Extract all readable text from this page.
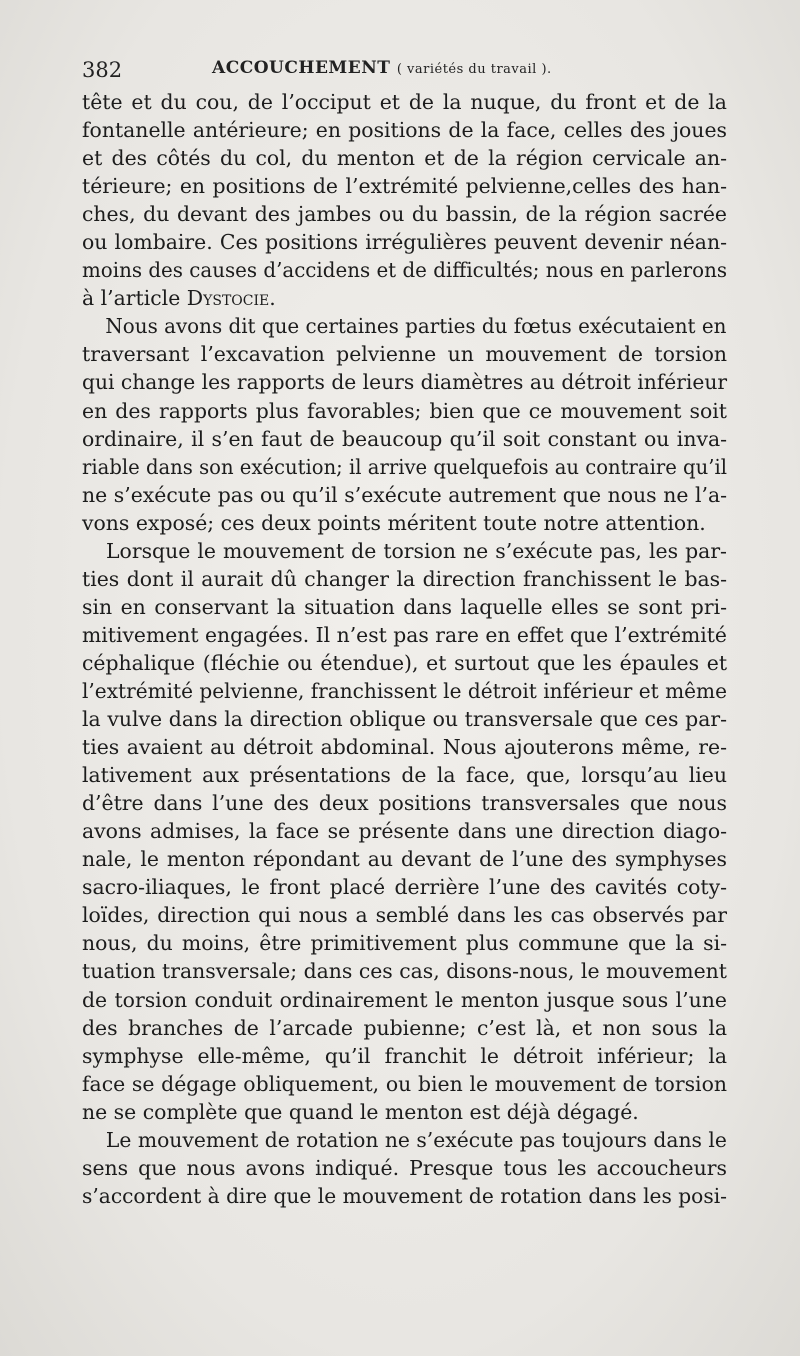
382	ACCOUCHEMENT ( variétés du travail ).
tête et du cou, de l’occiput et de la nuque, du front et de la
fontanelle antérieure; en positions de la face, celles des joues
et des côtés du col, du menton et de la région cervicale an-
térieure; en positions de l’extrémité pelvienne,celles des han-
ches, du devant des jambes ou du bassin, de la région sacrée
ou lombaire. Ces positions irrégulières peuvent devenir néan-
moins des causes d’accidens et de difficultés; nous en parlerons
à l’article Dystocie.
Nous avons dit que certaines parties du fœtus exécutaient en
traversant l’excavation pelvienne un mouvement de torsion
qui change les rapports de leurs diamètres au détroit inférieur
en des rapports plus favorables; bien que ce mouvement soit
ordinaire, il s’en faut de beaucoup qu’il soit constant ou inva-
riable dans son exécution; il arrive quelquefois au contraire qu’il
ne s’exécute pas ou qu’il s’exécute autrement que nous ne l’a-
vons exposé; ces deux points méritent toute notre attention.
Lorsque le mouvement de torsion ne s’exécute pas, les par-
ties dont il aurait dû changer la direction franchissent le bas-
sin en conservant la situation dans laquelle elles se sont pri-
mitivement engagées. Il n’est pas rare en effet que l’extrémité
céphalique (fléchie ou étendue), et surtout que les épaules et
l’extrémité pelvienne, franchissent le détroit inférieur et même
la vulve dans la direction oblique ou transversale que ces par-
ties avaient au détroit abdominal. Nous ajouterons même, re-
lativement aux présentations de la face, que, lorsqu’au lieu
d’être dans l’une des deux positions transversales que nous
avons admises, la face se présente dans une direction diago-
nale, le menton répondant au devant de l’une des symphyses
sacro-iliaques, le front placé derrière l’une des cavités coty-
loïdes, direction qui nous a semblé dans les cas observés par
nous, du moins, être primitivement plus commune que la si-
tuation transversale; dans ces cas, disons-nous, le mouvement
de torsion conduit ordinairement le menton jusque sous l’une
des branches de l’arcade pubienne; c’est là, et non sous la
symphyse elle-même, qu’il franchit le détroit inférieur; la
face se dégage obliquement, ou bien le mouvement de torsion
ne se complète que quand le menton est déjà dégagé.
Le mouvement de rotation ne s’exécute pas toujours dans le
sens que nous avons indiqué. Presque tous les accoucheurs
s’accordent à dire que le mouvement de rotation dans les posi-
